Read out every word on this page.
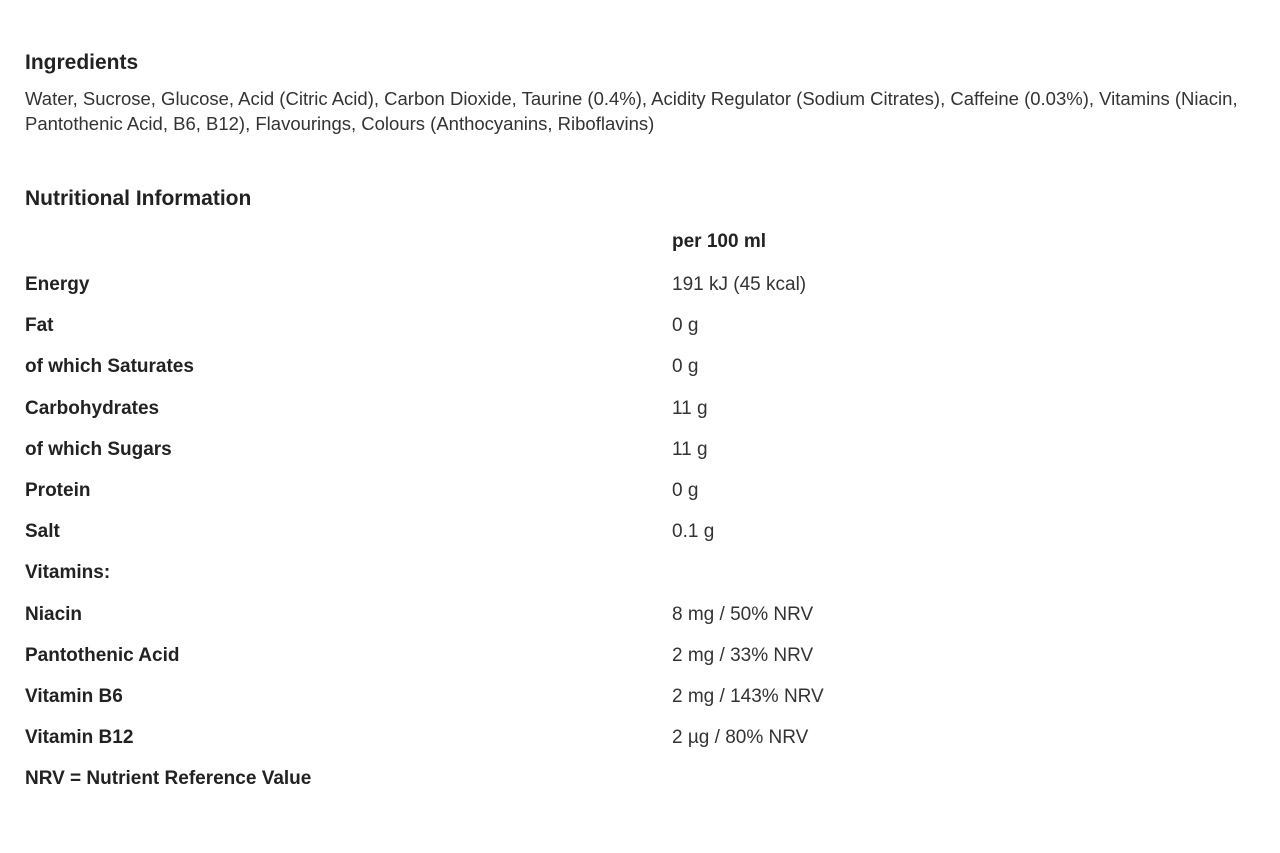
Ingredients

Water, Sucrose, Glucose, Acid (Citric Acid), Carbon Dioxide, Taurine (0.4%), Acidity Regulator (Sodium Citrates), Caffeine (0.03%), Vitamins (Niacin, Pantothenic Acid, B6, B12), Flavourings, Colours (Anthocyanins, Riboflavins)

Nutritional Information
per 100 ml
Energy	191 kJ (45 kcal)
Fat	0 g
of which Saturates	0 g
Carbohydrates	11 g
of which Sugars	11 g
Protein	0 g
Salt	0.1 g
Vitamins:
Niacin	8 mg / 50% NRV
Pantothenic Acid	2 mg / 33% NRV
Vitamin B6	2 mg / 143% NRV
Vitamin B12	2 µg / 80% NRV
NRV = Nutrient Reference Value
